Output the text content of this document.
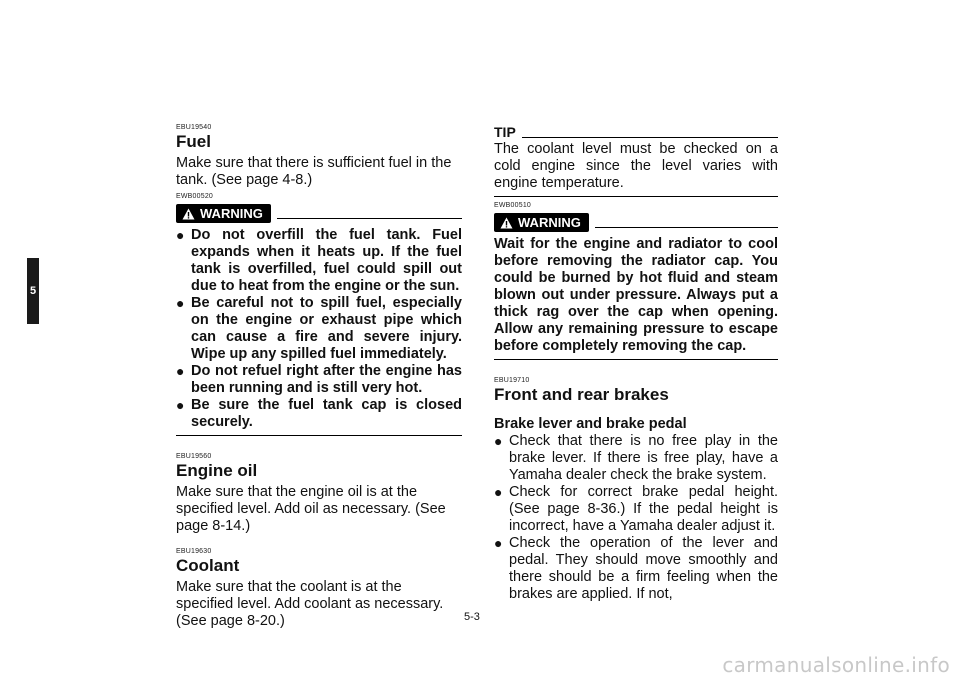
5
EBU19540
Fuel

Make sure that there is sufficient fuel in the tank. (See page 4-8.)

EWB00520
WARNING
● Do not overfill the fuel tank. Fuel expands when it heats up. If the fuel tank is overfilled, fuel could spill out due to heat from the engine or the sun.
● Be careful not to spill fuel, especially on the engine or exhaust pipe which can cause a fire and severe injury. Wipe up any spilled fuel immediately.
● Do not refuel right after the engine has been running and is still very hot.
● Be sure the fuel tank cap is closed securely.
EBU19560
Engine oil

Make sure that the engine oil is at the specified level. Add oil as necessary. (See page 8-14.)

EBU19630
Coolant

Make sure that the coolant is at the specified level. Add coolant as necessary. (See page 8-20.)

TIP

The coolant level must be checked on a cold engine since the level varies with engine temperature.

EWB00510
WARNING

Wait for the engine and radiator to cool before removing the radiator cap. You could be burned by hot fluid and steam blown out under pressure. Always put a thick rag over the cap when opening. Allow any remaining pressure to escape before completely removing the cap.

EBU19710
Front and rear brakes
Brake lever and brake pedal
● Check that there is no free play in the brake lever. If there is free play, have a Yamaha dealer check the brake system.
● Check for correct brake pedal height. (See page 8-36.) If the pedal height is incorrect, have a Yamaha dealer adjust it.
● Check the operation of the lever and pedal. They should move smoothly and there should be a firm feeling when the brakes are applied. If not,
5-3
carmanualsonline.info
